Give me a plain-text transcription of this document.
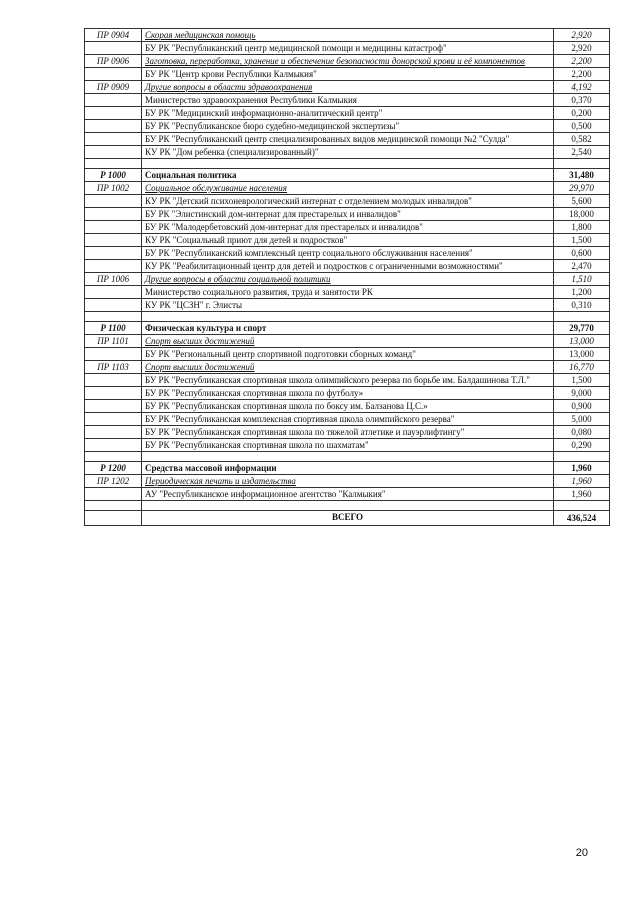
ПР 0904	Скорая медицинская помощь	2,920
	БУ РК "Республиканский центр медицинской помощи и медицины катастроф"	2,920
ПР 0906	Заготовка, переработка, хранение и обеспечение безопасности донорской крови и её компонентов	2,200
	БУ РК "Центр крови Республики Калмыкия"	2,200
ПР 0909	Другие вопросы в области здравоохранения	4,192
	Министерство здравоохранения Республики Калмыкия	0,370
	БУ РК "Медицинский информационно-аналитический центр"	0,200
	БУ РК "Республиканское бюро судебно-медицинской экспертизы"	0,500
	БУ РК "Республиканский центр специализированных видов медицинской помощи №2 "Сулда"	0,582
	КУ РК "Дом ребенка (специализированный)"	2,540

Р 1000	Социальная политика	31,480
ПР 1002	Социальное обслуживание населения	29,970
	КУ РК "Детский психоневрологический интернат с отделением молодых инвалидов"	5,600
	БУ РК "Элистинский дом-интернат для престарелых и инвалидов"	18,000
	БУ РК "Малодербетовский дом-интернат для престарелых и инвалидов"	1,800
	КУ РК "Социальный приют для детей и подростков"	1,500
	БУ РК "Республиканский комплексный центр социального обслуживания населения"	0,600
	КУ РК "Реабилитационный центр для детей и подростков с ограниченными возможностями"	2,470
ПР 1006	Другие вопросы в области социальной политики	1,510
	Министерство социального развития, труда и занятости РК	1,200
	КУ РК "ЦСЗН" г. Элисты	0,310

Р 1100	Физическая культура и спорт	29,770
ПР 1101	Спорт высших достижений	13,000
	БУ РК "Региональный центр спортивной подготовки сборных команд"	13,000
ПР 1103	Спорт высших достижений	16,770
	БУ РК "Республиканская спортивная школа олимпийского резерва по борьбе им. Балдашинова Т.Л."	1,500
	БУ РК "Республиканская спортивная школа по футболу»	9,000
	БУ РК "Республиканская спортивная школа по боксу им. Балзанова Ц.С.»	0,900
	БУ РК "Республиканская комплексная спортивная школа олимпийского резерва"	5,000
	БУ РК "Республиканская спортивная школа по тяжелой атлетике и пауэрлифтингу"	0,080
	БУ РК "Республиканская спортивная школа по шахматам"	0,290

Р 1200	Средства массовой информации	1,960
ПР 1202	Периодическая печать и издательства	1,960
	АУ "Республиканское информационное агентство "Калмыкия"	1,960

	ВСЕГО	436,524
20
